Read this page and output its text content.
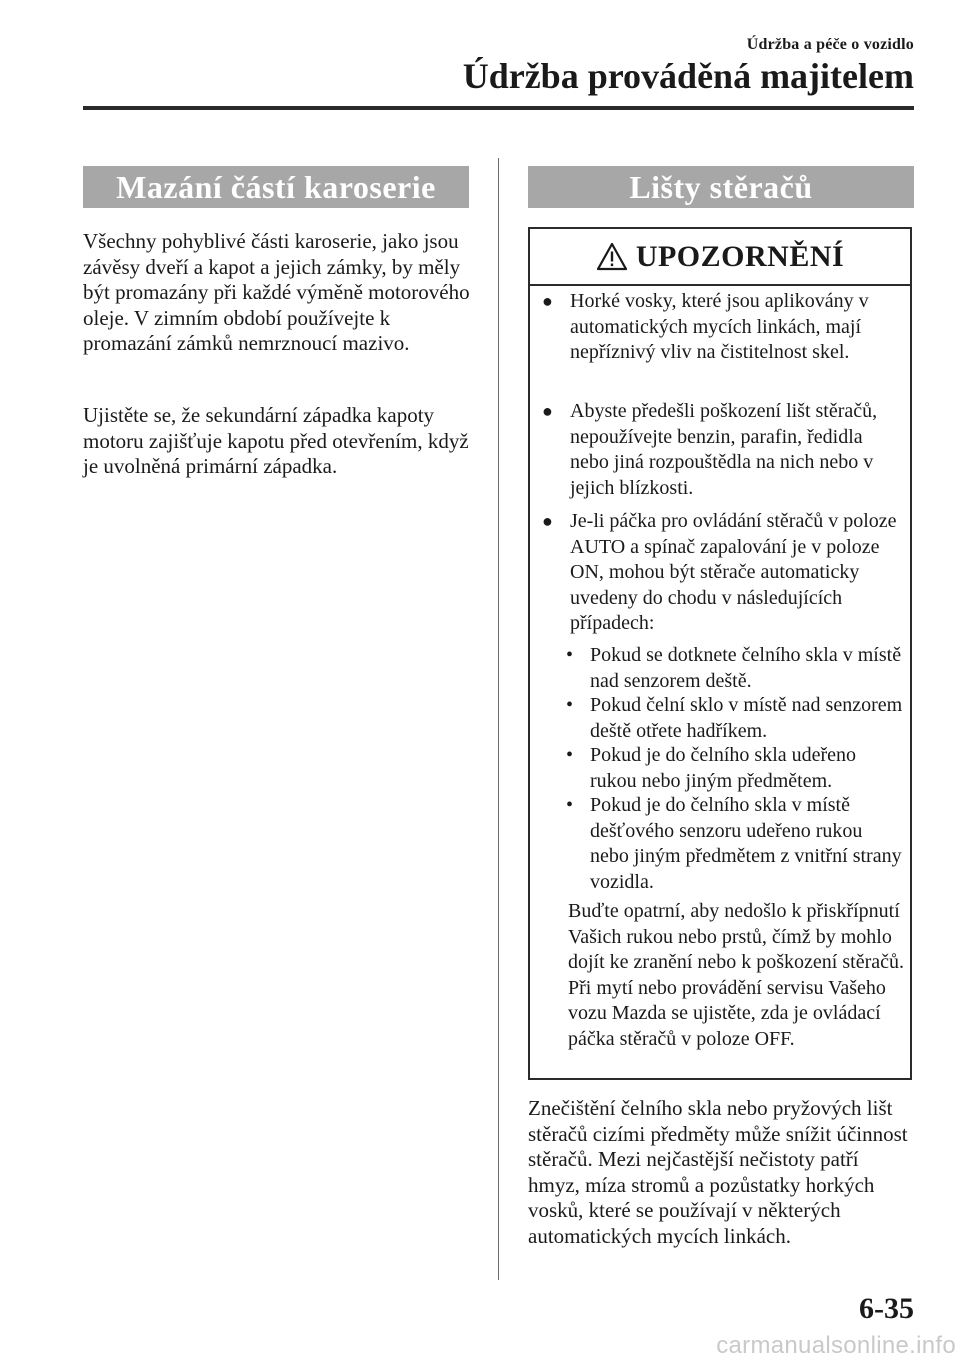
Údržba a péče o vozidlo
Údržba prováděná majitelem
Mazání částí karoserie

Všechny pohyblivé části karoserie, jako jsou závěsy dveří a kapot a jejich zámky, by měly být promazány při každé výměně motorového oleje. V zimním období používejte k promazání zámků nemrznoucí mazivo.

Ujistěte se, že sekundární západka kapoty motoru zajišťuje kapotu před otevřením, když je uvolněná primární západka.

Lišty stěračů
UPOZORNĚNÍ
● Horké vosky, které jsou aplikovány v automatických mycích linkách, mají nepříznivý vliv na čistitelnost skel.
● Abyste předešli poškození lišt stěračů, nepoužívejte benzin, parafin, ředidla nebo jiná rozpouštědla na nich nebo v jejich blízkosti.
● Je-li páčka pro ovládání stěračů v poloze AUTO a spínač zapalování je v poloze ON, mohou být stěrače automaticky uvedeny do chodu v následujících případech:
• Pokud se dotknete čelního skla v místě nad senzorem deště.
• Pokud čelní sklo v místě nad senzorem deště otřete hadříkem.
• Pokud je do čelního skla udeřeno rukou nebo jiným předmětem.
• Pokud je do čelního skla v místě dešťového senzoru udeřeno rukou nebo jiným předmětem z vnitřní strany vozidla.

Buďte opatrní, aby nedošlo k přiskřípnutí Vašich rukou nebo prstů, čímž by mohlo dojít ke zranění nebo k poškození stěračů. Při mytí nebo provádění servisu Vašeho vozu Mazda se ujistěte, zda je ovládací páčka stěračů v poloze OFF.

Znečištění čelního skla nebo pryžových lišt stěračů cizími předměty může snížit účinnost stěračů. Mezi nejčastější nečistoty patří hmyz, míza stromů a pozůstatky horkých vosků, které se používají v některých automatických mycích linkách.

6-35
carmanualsonline.info
